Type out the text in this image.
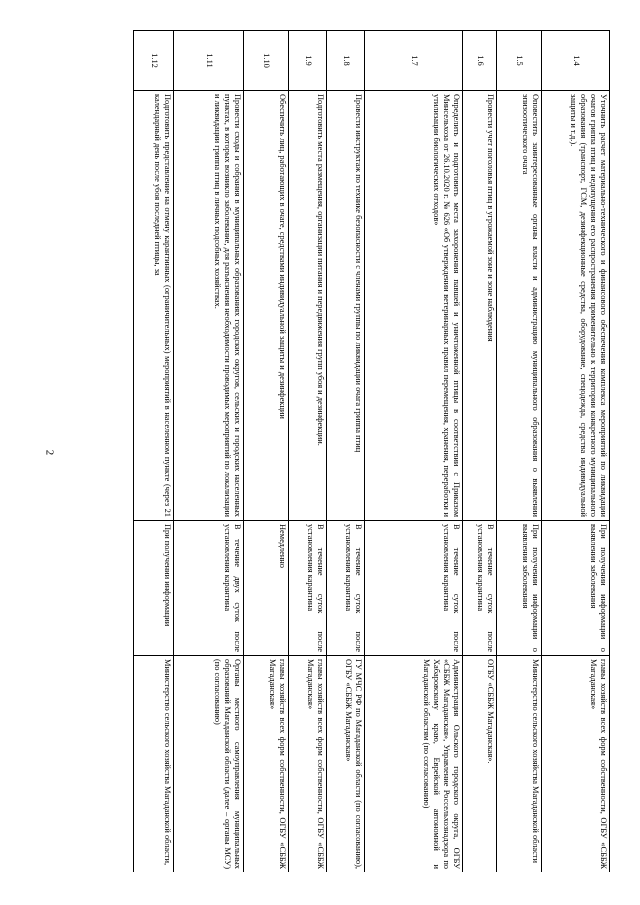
2
1.4	Уточнить расчет материально-технического и финансового обеспечения комплекса мероприятий по ликвидации очагов гриппа птиц и недопущения его распространения применительно к территории конкретного муниципального образования (транспорт, ГСМ, дезинфекционные средства, оборудование, спецодежда, средства индивидуальной защиты и т.д.).	При получении информации о выявлении заболевания	главы хозяйств всех форм собственности, ОГБУ «СББЖ Магаданская»
1.5	Оповестить заинтересованные органы власти и администрацию муниципального образования о выявлении эпизоотического очага	При получении информации о выявлении заболевания	Министерство сельского хозяйства Магаданской области
1.6	Провести учет поголовья птиц в угрожаемой зоне и зоне наблюдения	В течение суток после установления карантина	ОГБУ «СББЖ Магаданская».
1.7	Определить и подготовить места захоронения павшей и уничтоженной птицы в соответствии с Приказом Минсельхоза от 26.10.2020 г. № 626 «Об утверждении ветеринарных правил перемещения, хранения, переработки и утилизации биологических отходов»	В течение суток после установления карантина	Администрация Ольского городского округа, ОГБУ «СББЖ Магаданская», Управление Россельхознадзора по Хабаровскому краю, Еврейской автономной и Магаданской областям (по согласованию)
1.8	Провести инструктаж по технике безопасности с членами группы по ликвидации очага гриппа птиц	В течение суток после установления карантина	ГУ МЧС РФ по Магаданской области (по согласованию), ОГБУ «СББЖ Магаданская»
1.9	Подготовить места размещения, организации питания и передвижения групп убоя и дезинфекции.	В течение суток после установления карантина	главы хозяйств всех форм собственности, ОГБУ «СББЖ Магаданская»
1.10	Обеспечить лиц, работающих в очаге, средствами индивидуальной защиты и дезинфекции	Немедленно	главы хозяйств всех форм собственности, ОГБУ «СББЖ Магаданская»
1.11	Провести сходы и собрания в муниципальных образованиях городских округов, сельских и городских населенных пунктах, в которых возникло заболевание, для разъяснения необходимости проводимых мероприятий по локализации и ликвидации гриппа птиц в личных подсобных хозяйствах.	В течение двух суток после установления карантина	Органы местного самоуправления муниципальных образований Магаданской области (далее – органы МСУ) (по согласованию)
1.12	Подготовить представление на отмену карантинных (ограничительных) мероприятий в населенном пункте (через 21 календарный день после убоя последней птицы, за	При получении информации	Министерство сельского хозяйства Магаданской области,
